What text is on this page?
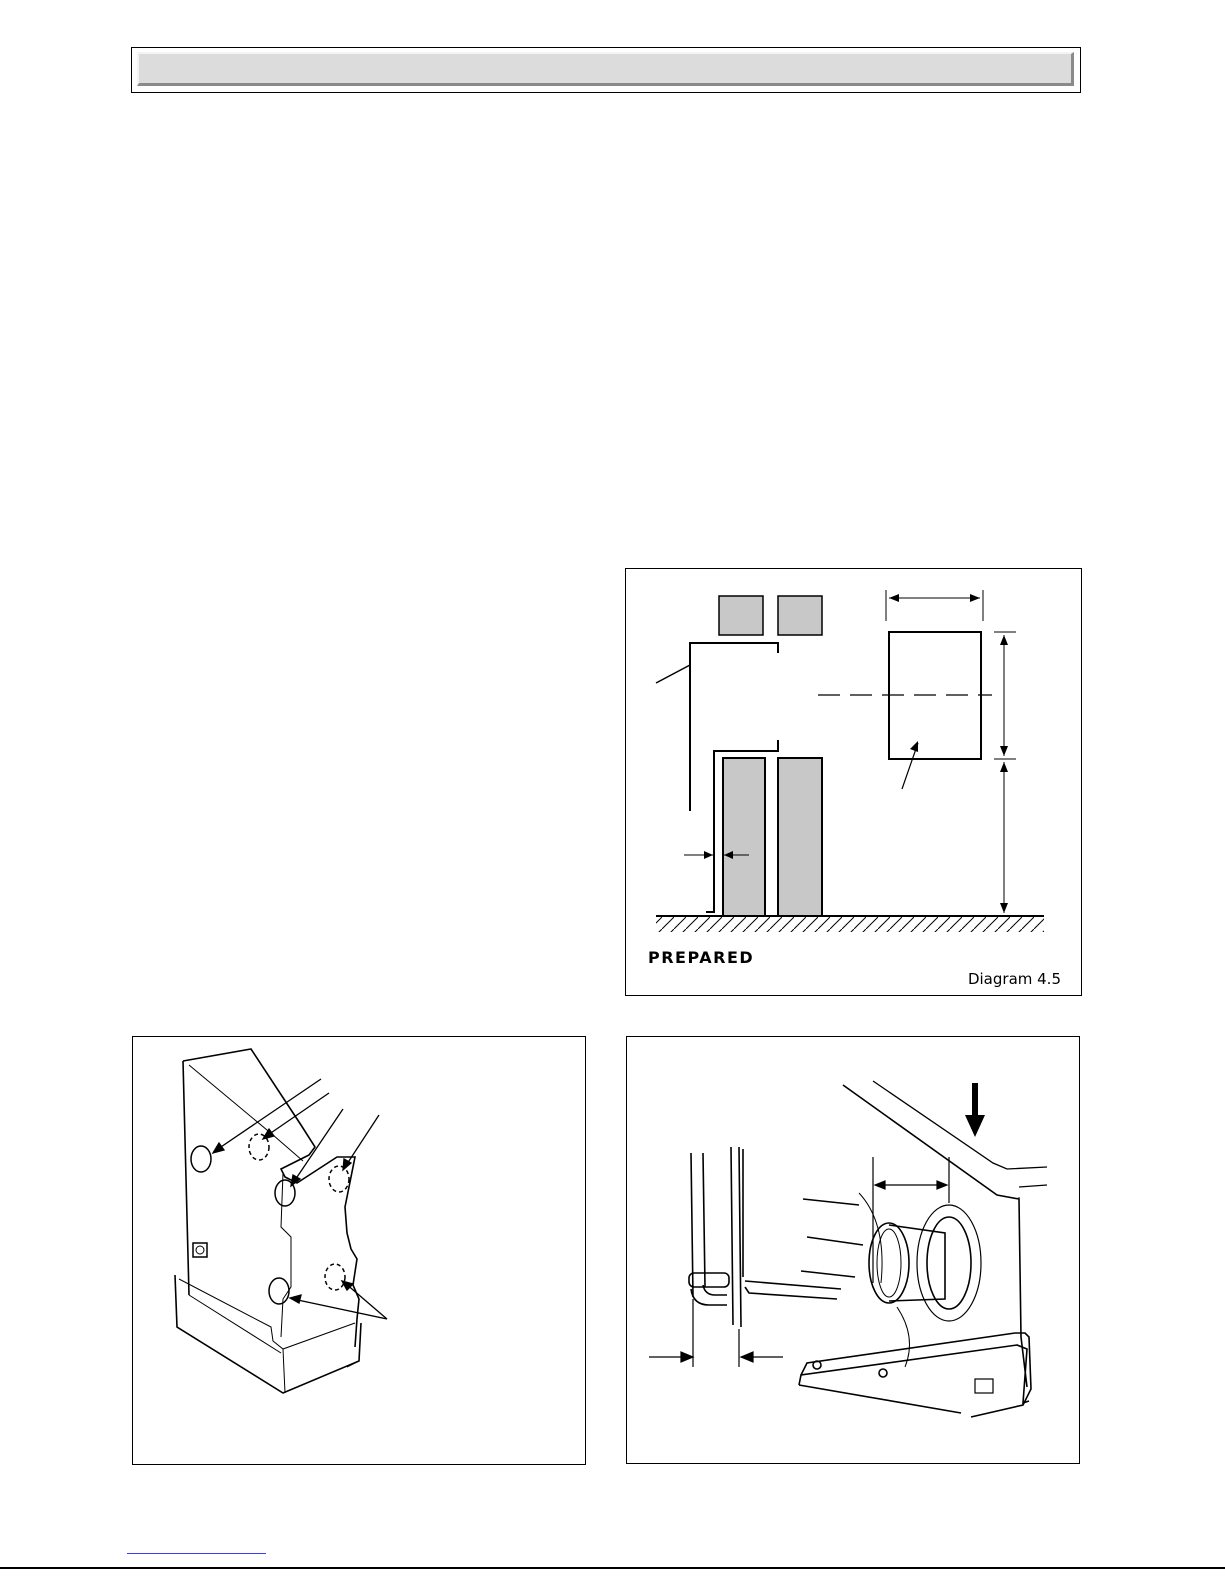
PREPARED
Diagram 4.5
